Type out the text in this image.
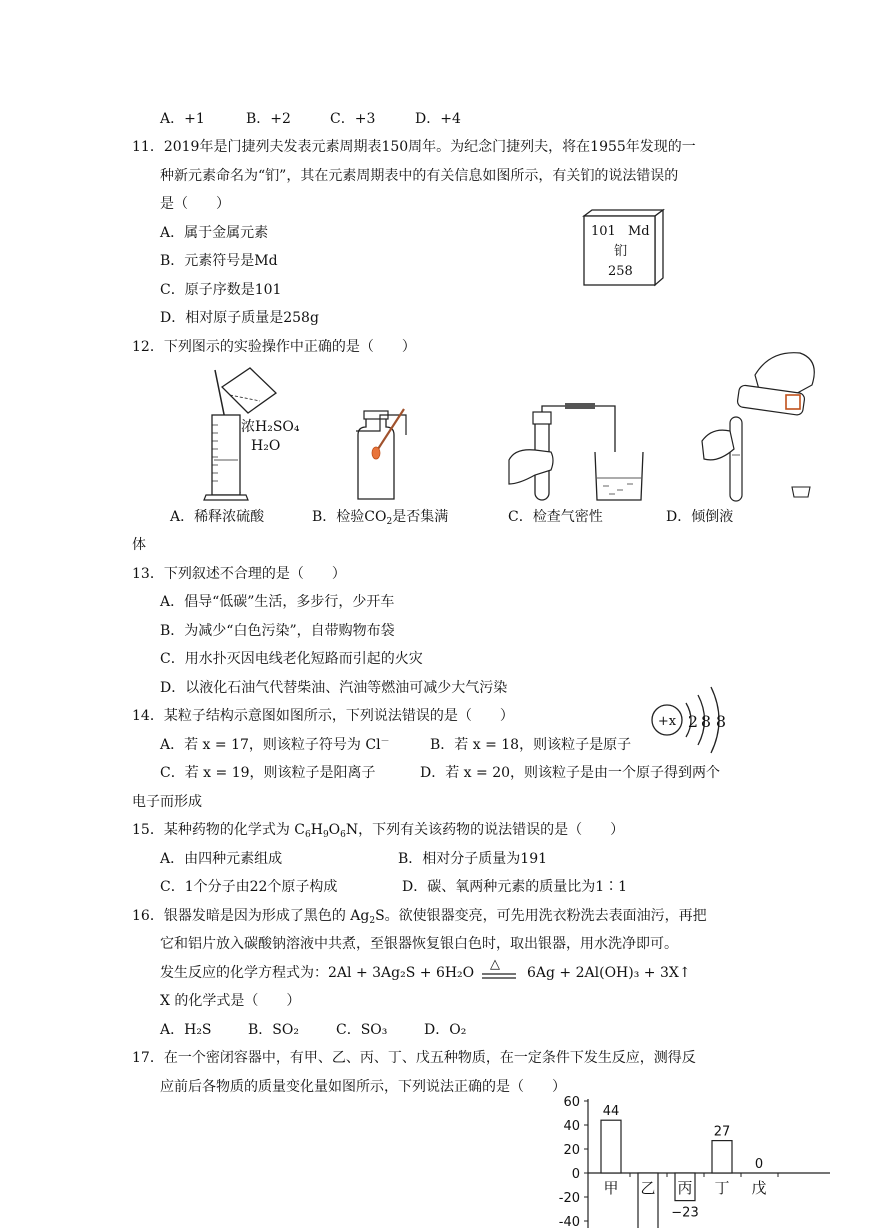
A．+1	B．+2	C．+3	D．+4
11．2019年是门捷列夫发表元素周期表150周年。为纪念门捷列夫，将在1955年发现的一
种新元素命名为“钔”，其在元素周期表中的有关信息如图所示，有关钔的说法错误的
是（　　）
A．属于金属元素
B．元素符号是Md
C．原子序数是101
D．相对原子质量是258g
101 Md
钔
258
12．下列图示的实验操作中正确的是（　　）
浓H₂SO₄
H₂O
A．稀释浓硫酸	B．检验$CO_2$是否集满	C．检查气密性	D．倾倒液
体
13．下列叙述不合理的是（　　）
A．倡导“低碳”生活，多步行，少开车
B．为减少“白色污染”，自带购物布袋
C．用水扑灭因电线老化短路而引起的火灾
D．以液化石油气代替柴油、汽油等燃油可减少大气污染
14．某粒子结构示意图如图所示，下列说法错误的是（　　）
A．若 x = 17，则该粒子符号为 Cl－	B．若 x = 18，则该粒子是原子
C．若 x = 19，则该粒子是阳离子	D．若 x = 20，则该粒子是由一个原子得到两个
电子而形成
+x 2 8 8
15．某种药物的化学式为 $C_6H_9O_6N$，下列有关该药物的说法错误的是（　　）
A．由四种元素组成	B．相对分子质量为191
C．1个分子由22个原子构成	D．碳、氧两种元素的质量比为1∶1
16．银器发暗是因为形成了黑色的 $Ag_2S$。欲使银器变亮，可先用洗衣粉洗去表面油污，再把
它和铝片放入碳酸钠溶液中共煮，至银器恢复银白色时，取出银器，用水洗净即可。
发生反应的化学方程式为：2Al + 3Ag₂S + 6H₂O
△
6Ag + 2Al(OH)₃ + 3X↑
X 的化学式是（　　）
A．H₂S	B．SO₂	C．SO₃	D．O₂
17．在一个密闭容器中，有甲、乙、丙、丁、戊五种物质，在一定条件下发生反应，测得反
应前后各物质的质量变化量如图所示，下列说法正确的是（　　）
60
40
20
0
-20
-40
44
甲 乙
−23
丙
27
丁
0
戊
